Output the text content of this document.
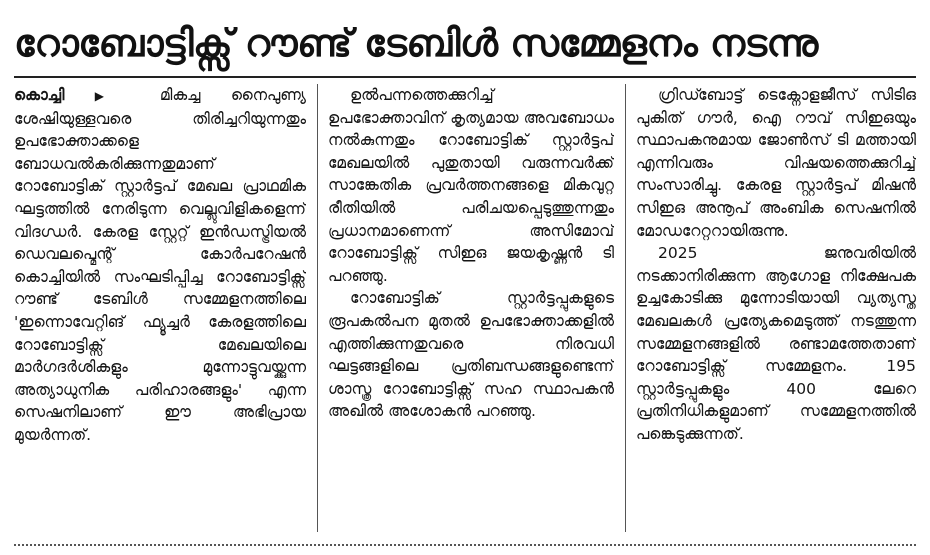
റോബോട്ടിക്സ് റൗണ്ട് ടേബിൾ സമ്മേളനം നടന്നു

കൊച്ചി	▶ മികച്ച നൈപുണ്യ ശേഷിയുള്ളവരെ തിരിച്ചറിയുന്നതും ഉപഭോക്താക്കളെ ബോധവൽകരിക്കുന്നതുമാണ് റോബോട്ടിക് സ്റ്റാർട്ടപ് മേഖല പ്രാഥമിക ഘട്ടത്തിൽ നേരിടുന്ന വെല്ലുവിളികളെന്ന് വിദഗ്ധർ. കേരള സ്റ്റേറ്റ് ഇൻഡസ്ട്രിയൽ ഡെവലപ്മെന്റ് കോർപറേഷൻ കൊച്ചിയിൽ സംഘടിപ്പിച്ച റോബോട്ടിക്സ് റൗണ്ട് ടേബിൾ സമ്മേളനത്തിലെ 'ഇന്നൊവേറ്റിങ് ഫ്യൂച്ചർ കേരളത്തിലെ റോബോട്ടിക്സ് മേഖലയിലെ മാർഗദർശികളും മുന്നോട്ടുവയ്ക്കുന്ന അത്യാധുനിക പരിഹാരങ്ങളും' എന്ന സെഷനിലാണ് ഈ അഭിപ്രായ മുയർന്നത്.

ഉൽപന്നത്തെക്കുറിച്ച് ഉപഭോക്താവിന് കൃത്യമായ അവബോധം നൽകുന്നതും റോബോട്ടിക് സ്റ്റാർട്ടപ് മേഖലയിൽ പുതുതായി വരുന്നവർക്ക് സാങ്കേതിക പ്രവർത്തനങ്ങളെ മികവുറ്റ രീതിയിൽ പരിചയപ്പെടുത്തുന്നതും പ്രധാനമാണെന്ന് അസിമോവ് റോബോട്ടിക്സ് സിഇഒ ജയകൃഷ്ണൻ ടി പറഞ്ഞു.

റോബോട്ടിക് സ്റ്റാർട്ടപ്പുകളുടെ രൂപകൽപന മുതൽ ഉപഭോക്താക്കളിൽ എത്തിക്കുന്നതുവരെ നിരവധി ഘട്ടങ്ങളിലെ പ്രതിബന്ധങ്ങളുണ്ടെന്ന് ശാസ്ത്ര റോബോട്ടിക്സ് സഹ സ്ഥാപകൻ അഖിൽ അശോകൻ പറഞ്ഞു.

ഗ്രിഡ്ബോട്ട് ടെക്നോളജീസ് സിടിഒ പുകിത് ഗൗർ, ഐ റൗവ് സിഇഒയും സ്ഥാപകനുമായ ജോൺസ് ടി മത്തായി എന്നിവരും വിഷയത്തെക്കുറിച്ച് സംസാരിച്ചു. കേരള സ്റ്റാർട്ടപ് മിഷൻ സിഇഒ അനൂപ് അംബിക സെഷനിൽ മോഡറേറ്ററായിരുന്നു.

2025 ജനുവരിയിൽ നടക്കാനിരിക്കുന്ന ആഗോള നിക്ഷേപക ഉച്ചകോടിക്കു മുന്നോടിയായി വ്യത്യസ്ത മേഖലകൾ പ്രത്യേകമെടുത്ത് നടത്തുന്ന സമ്മേളനങ്ങളിൽ രണ്ടാമത്തേതാണ് റോബോട്ടിക്സ് സമ്മേളനം. 195 സ്റ്റാർട്ടപ്പുകളും 400 ലേറെ പ്രതിനിധികളുമാണ് സമ്മേളനത്തിൽ പങ്കെടുക്കുന്നത്.
